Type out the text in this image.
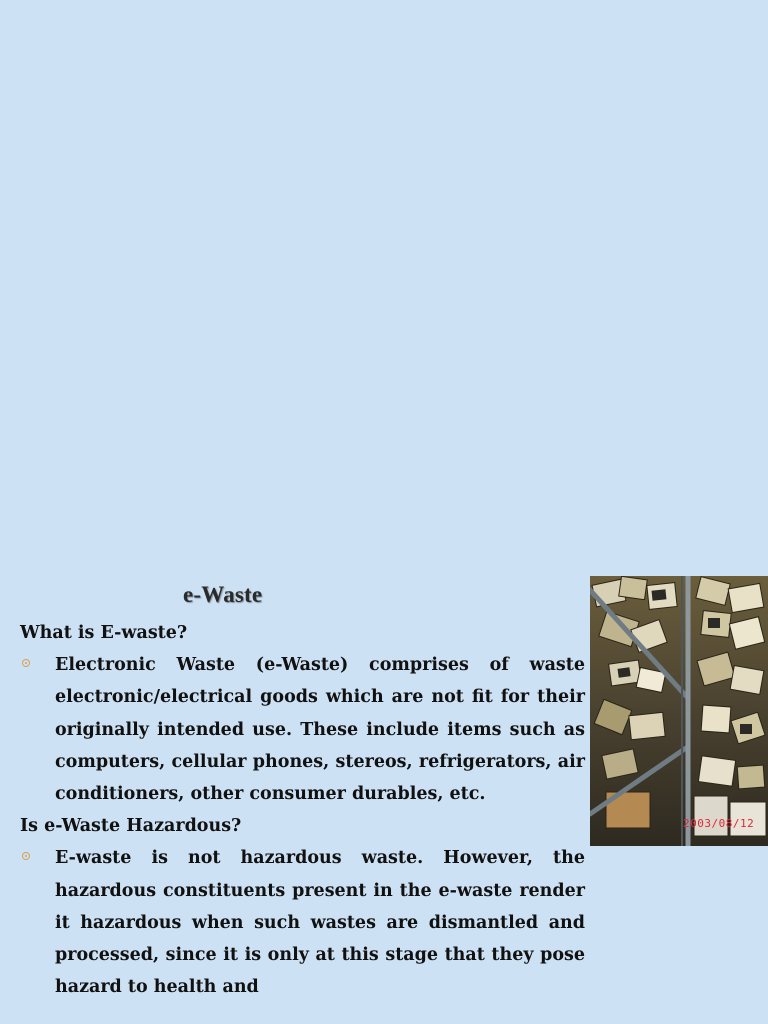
e-Waste

What is E-waste?

Electronic Waste (e-Waste) comprises of waste electronic/electrical goods which are not fit for their originally intended use. These include items such as computers, cellular phones, stereos, refrigerators, air conditioners, other consumer durables, etc.

Is e-Waste Hazardous?

E-waste is not hazardous waste. However, the hazardous constituents present in the e-waste render it hazardous when such wastes are dismantled and processed, since it is only at this stage that they pose hazard to health and

2003/08/12
